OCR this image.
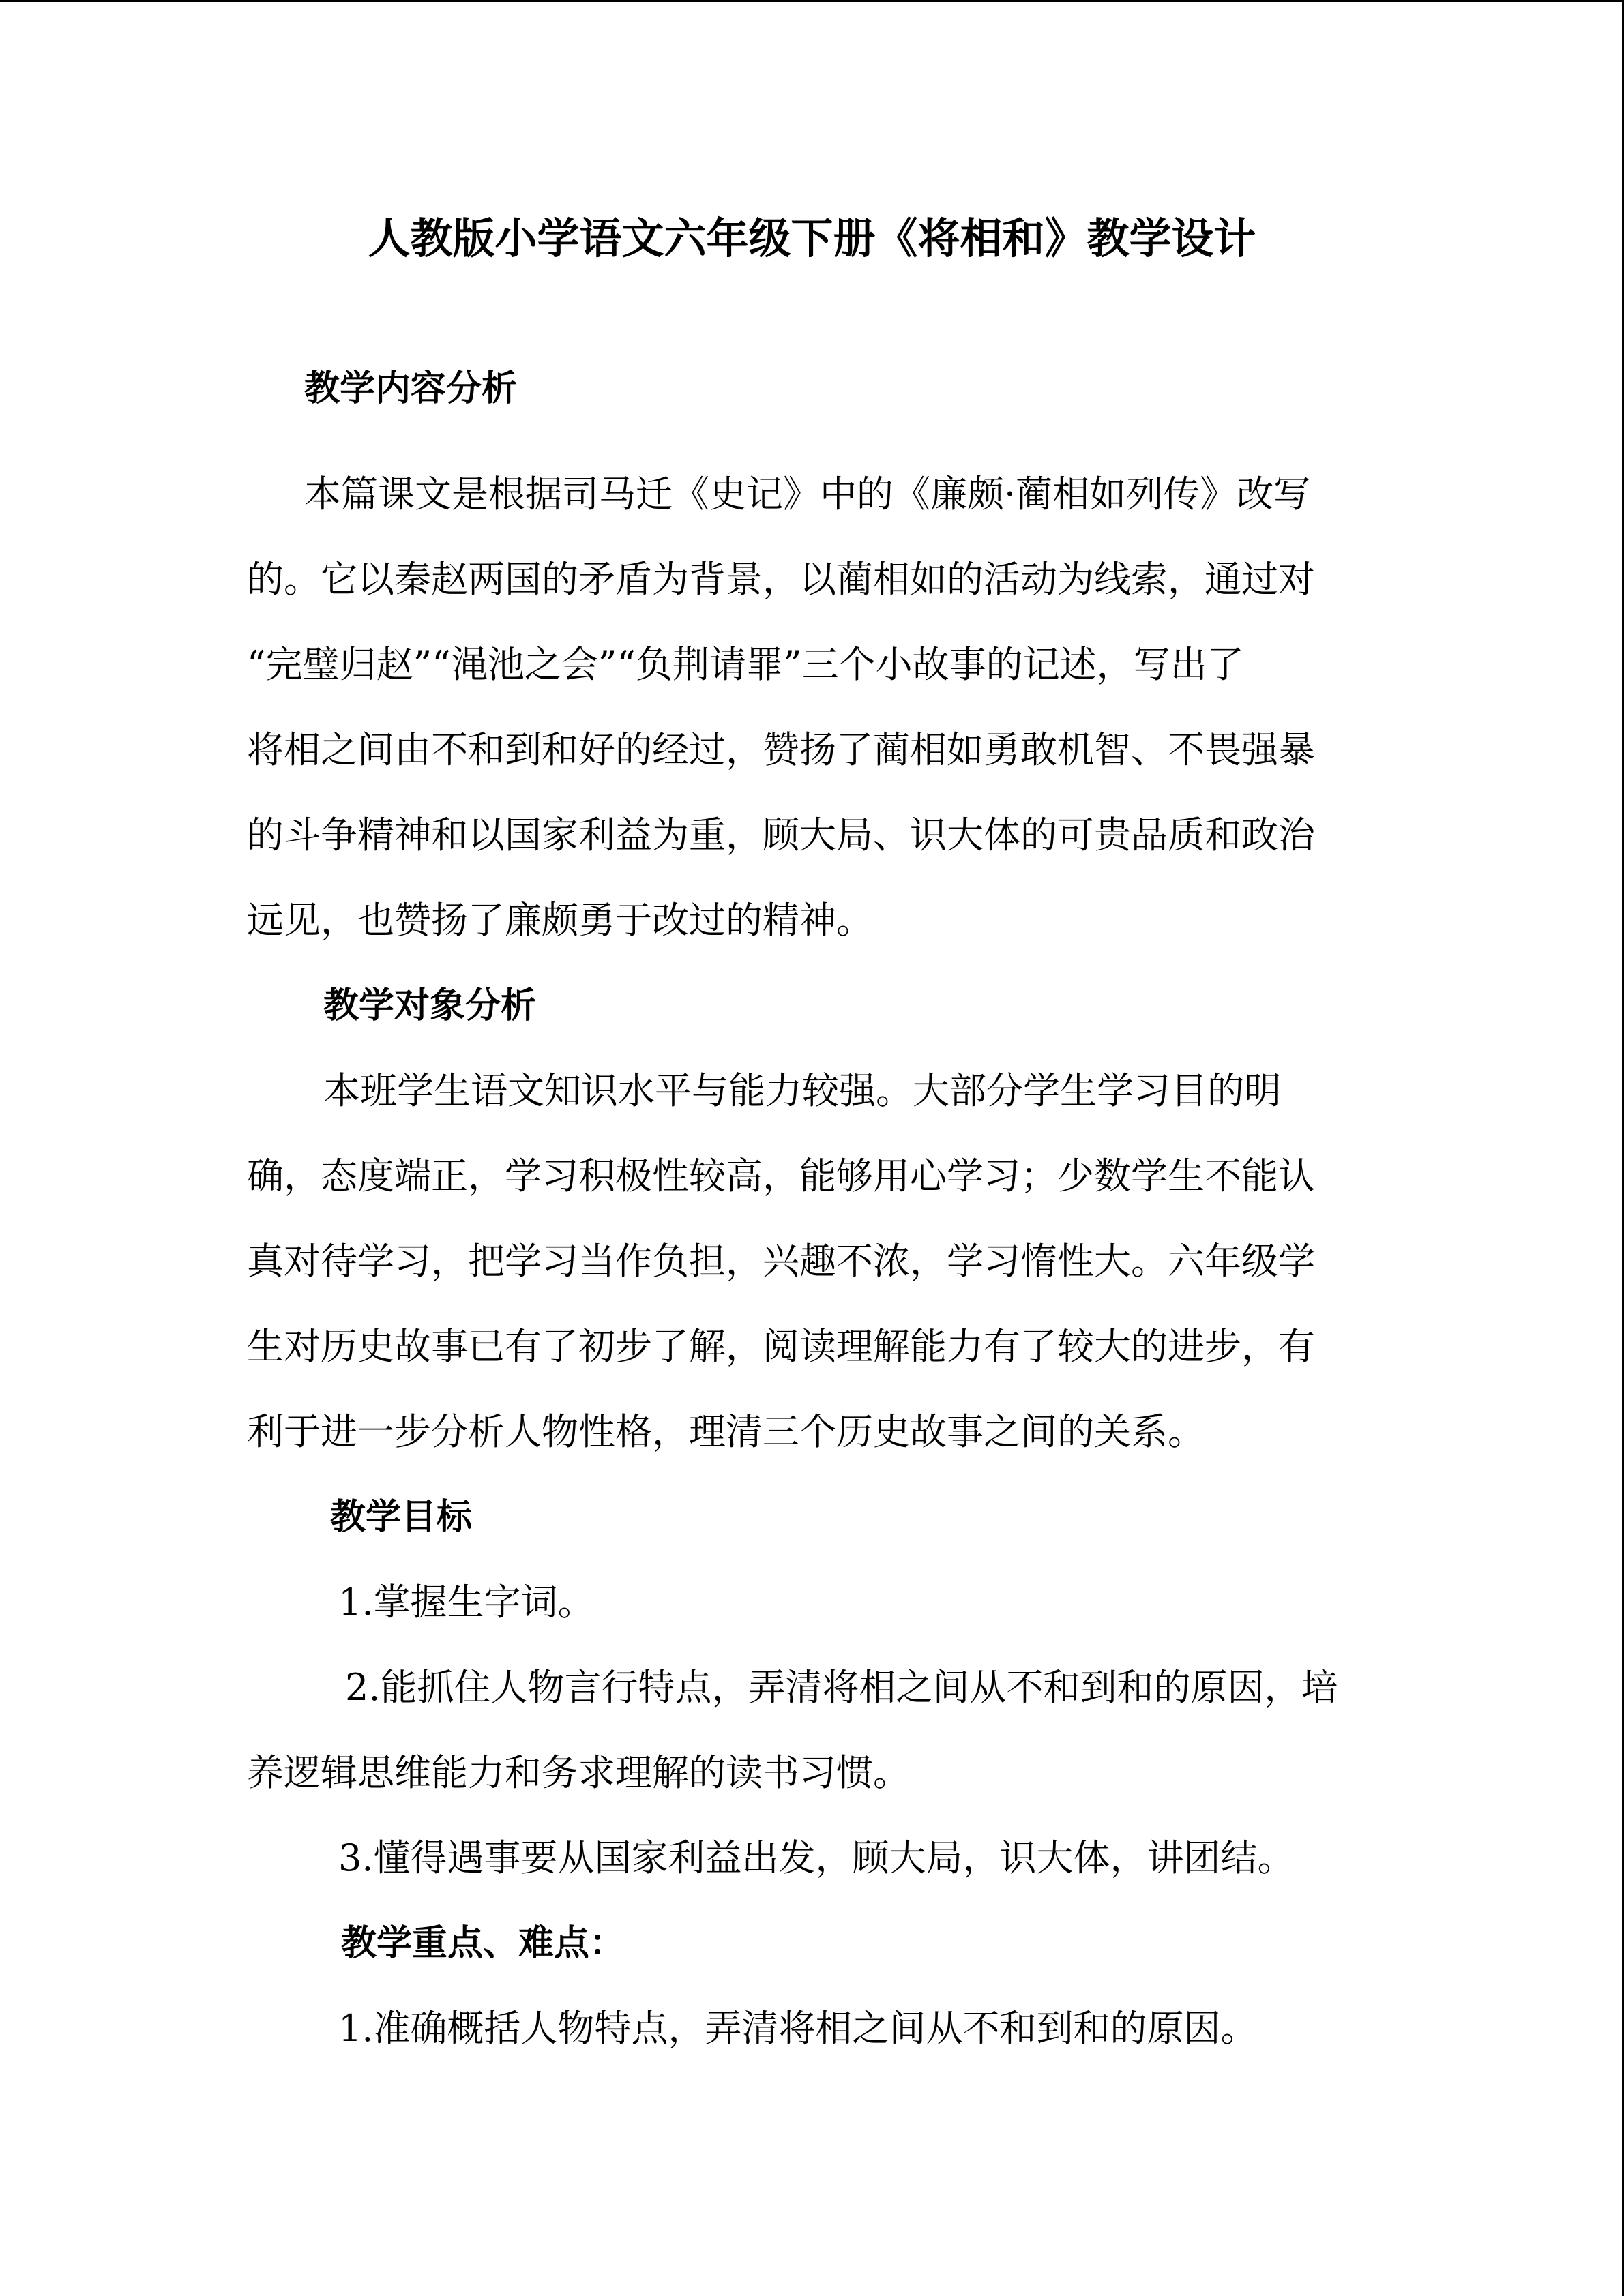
人教版小学语文六年级下册《将相和》教学设计
教学内容分析
本篇课文是根据司马迁《史记》中的《廉颇·蔺相如列传》改写
的。它以秦赵两国的矛盾为背景，以蔺相如的活动为线索，通过对
“完璧归赵”“渑池之会”“负荆请罪”三个小故事的记述，写出了
将相之间由不和到和好的经过，赞扬了蔺相如勇敢机智、不畏强暴
的斗争精神和以国家利益为重，顾大局、识大体的可贵品质和政治
远见，也赞扬了廉颇勇于改过的精神。
教学对象分析
本班学生语文知识水平与能力较强。大部分学生学习目的明
确，态度端正，学习积极性较高，能够用心学习；少数学生不能认
真对待学习，把学习当作负担，兴趣不浓，学习惰性大。六年级学
生对历史故事已有了初步了解，阅读理解能力有了较大的进步，有
利于进一步分析人物性格，理清三个历史故事之间的关系。
教学目标
1.掌握生字词。
2.能抓住人物言行特点，弄清将相之间从不和到和的原因，培
养逻辑思维能力和务求理解的读书习惯。
3.懂得遇事要从国家利益出发，顾大局，识大体，讲团结。
教学重点、难点：
1.准确概括人物特点，弄清将相之间从不和到和的原因。
